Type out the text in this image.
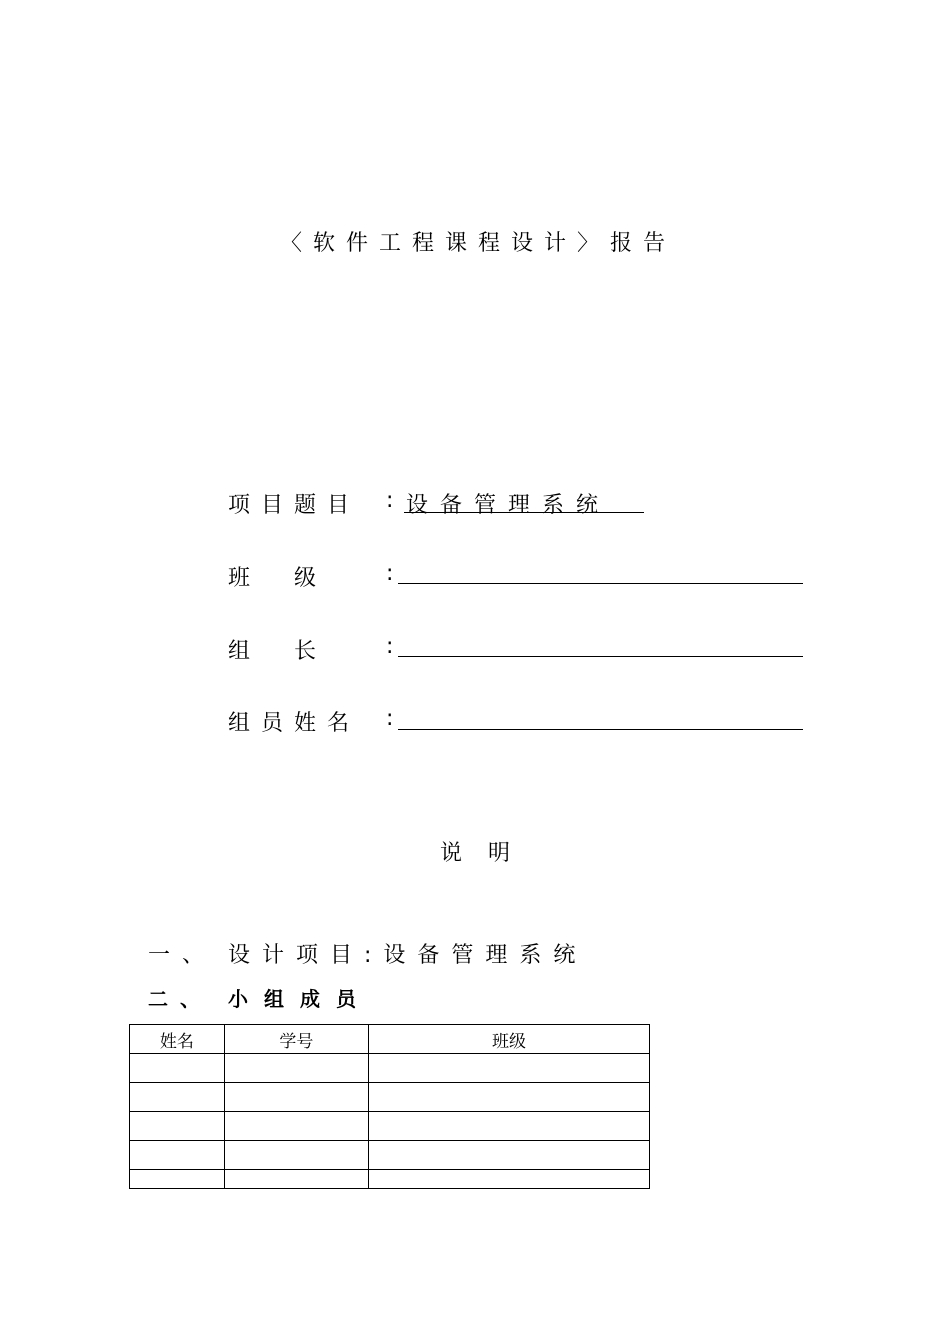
〈软件工程课程设计〉报告
项目题目 : 设备管理系统
班　　级	:
组　　长	:
组员姓名 :
说明
一、 设计项目:设备管理系统
二、 小组成员
姓名	学号	班级
